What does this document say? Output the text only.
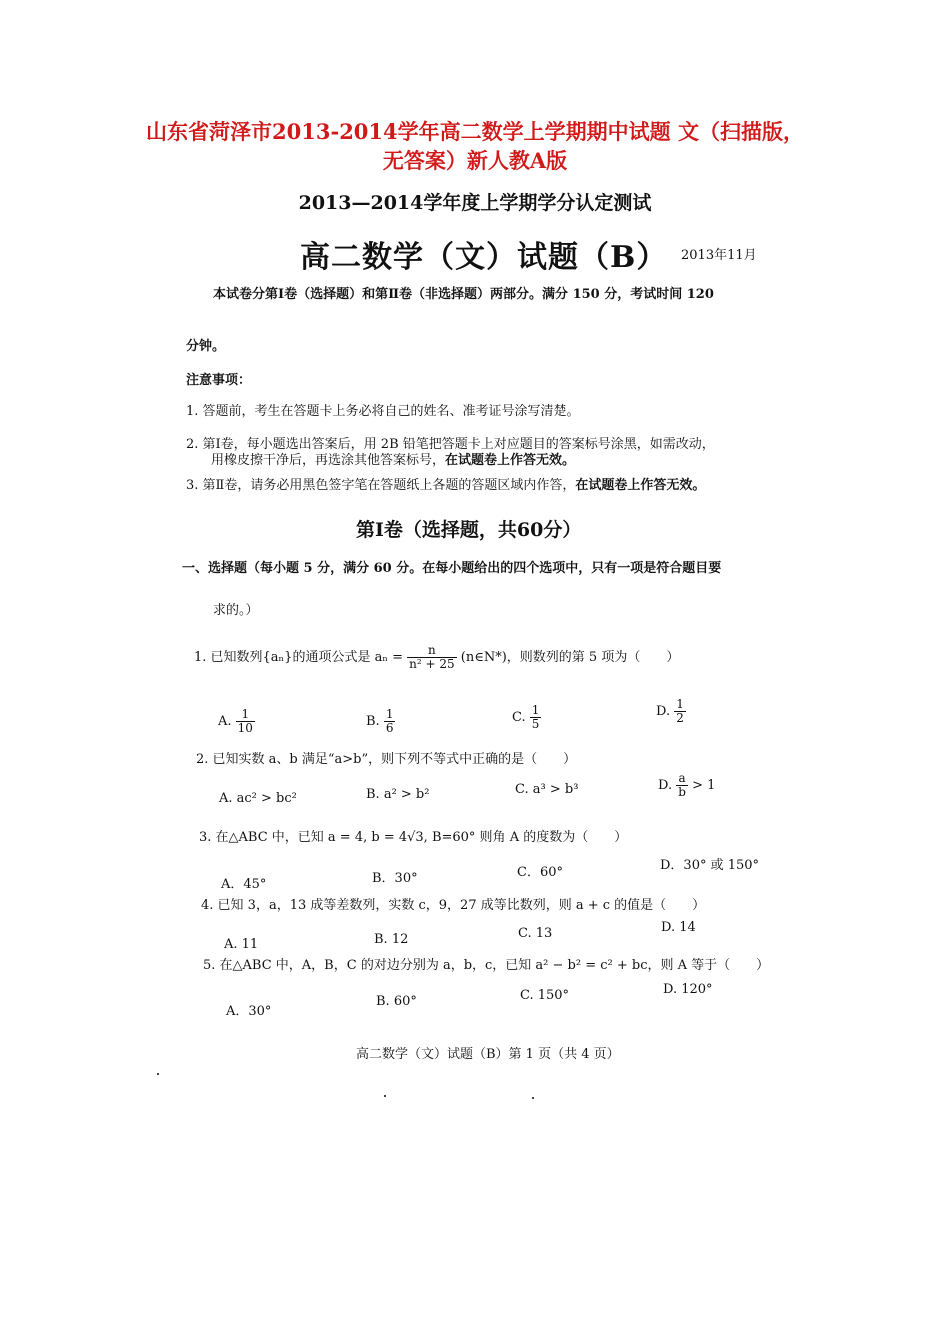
山东省菏泽市2013-2014学年高二数学上学期期中试题 文（扫描版，
无答案）新人教A版
2013—2014学年度上学期学分认定测试
高二数学（文）试题（B） 2013年11月
本试卷分第Ⅰ卷（选择题）和第Ⅱ卷（非选择题）两部分。满分 150 分，考试时间 120
分钟。
注意事项：
1. 答题前，考生在答题卡上务必将自己的姓名、准考证号涂写清楚。
2. 第Ⅰ卷，每小题选出答案后，用 2B 铅笔把答题卡上对应题目的答案标号涂黑，如需改动，
用橡皮擦干净后，再选涂其他答案标号，在试题卷上作答无效。
3. 第Ⅱ卷，请务必用黑色签字笔在答题纸上各题的答题区域内作答，在试题卷上作答无效。
第Ⅰ卷（选择题，共60分）
一、选择题（每小题 5 分，满分 60 分。在每小题给出的四个选项中，只有一项是符合题目要
求的。）
1. 已知数列{aₙ}的通项公式是 $a_n = \frac{n}{\text{n² + 25}}$ (n∈N*)，则数列的第 5 项为（　　）
A. $\frac{1}{10}$	B. $\frac{1}{6}$	C. $\frac{1}{5}$	D. $\frac{1}{2}$
2. 已知实数 a、b 满足“a>b”，则下列不等式中正确的是（　　）
A. ac² > bc²	B. a² > b²	C. a³ > b³	D. $\frac{a}{b} > 1$
3. 在△ABC 中，已知 a = 4, b = 4√3, B=60° 则角 A 的度数为（　　）
A．45°	B．30°	C．60°	D．30° 或 150°
4. 已知 3，a，13 成等差数列，实数 c，9，27 成等比数列，则 a + c 的值是（　　）
A. 11	B. 12	C. 13	D. 14
5. 在△ABC 中，A，B，C 的对边分别为 a，b，c，已知 a² − b² = c² + bc，则 A 等于（　　）
A．30°
B. 60°	C. 150°	D. 120°
高二数学（文）试题（B）第 1 页（共 4 页）
